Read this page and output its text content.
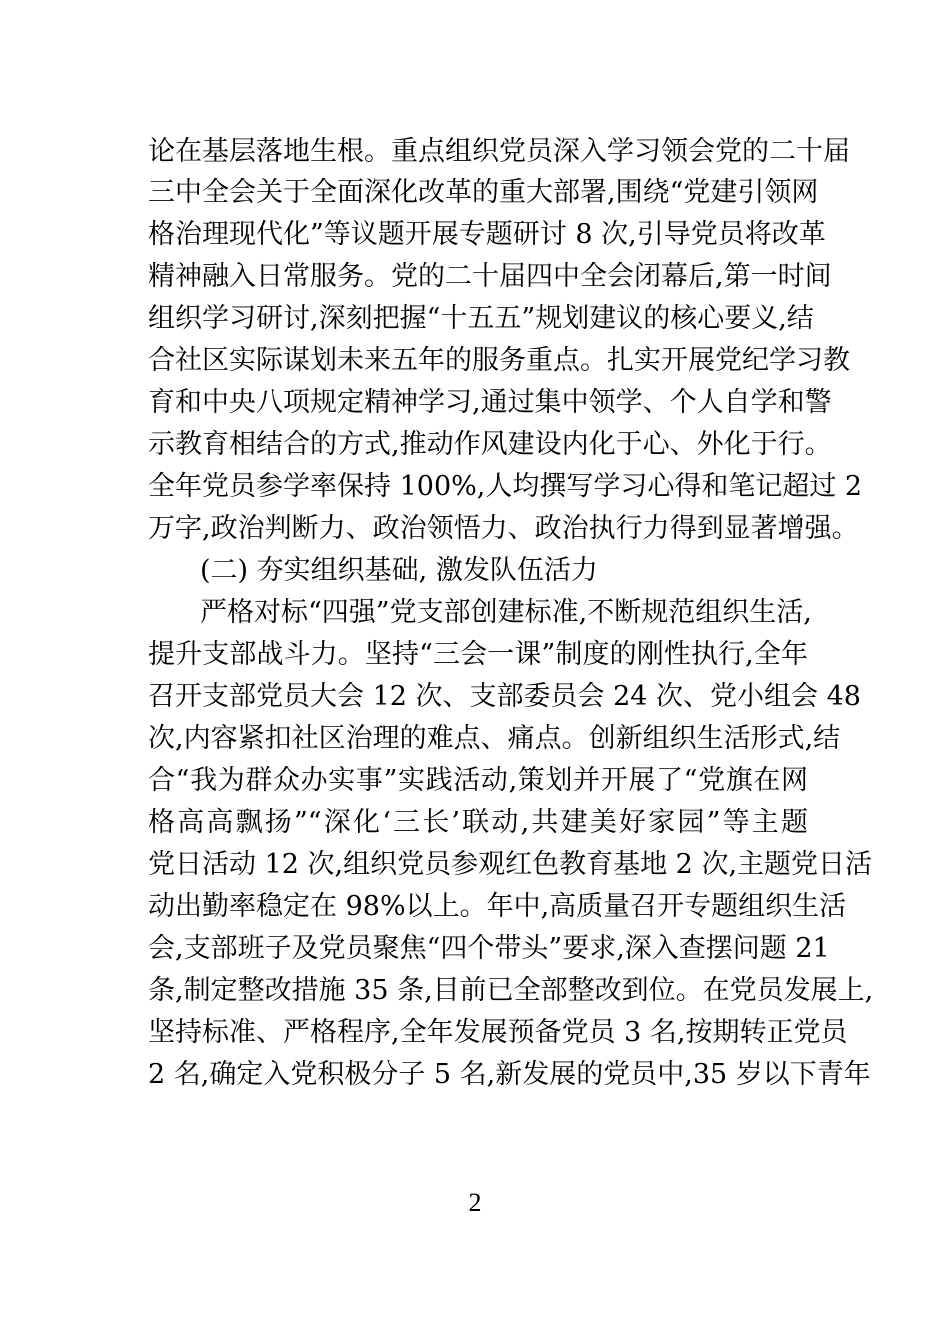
论在基层落地生根。重点组织党员深入学习领会党的二十届
三中全会关于全面深化改革的重大部署,围绕“党建引领网
格治理现代化”等议题开展专题研讨 8 次,引导党员将改革
精神融入日常服务。党的二十届四中全会闭幕后,第一时间
组织学习研讨,深刻把握“十五五”规划建议的核心要义,结
合社区实际谋划未来五年的服务重点。扎实开展党纪学习教
育和中央八项规定精神学习,通过集中领学、个人自学和警
示教育相结合的方式,推动作风建设内化于心、外化于行。
全年党员参学率保持 100%,人均撰写学习心得和笔记超过 2
万字,政治判断力、政治领悟力、政治执行力得到显著增强。
(二) 夯实组织基础, 激发队伍活力
严格对标“四强”党支部创建标准,不断规范组织生活,
提升支部战斗力。坚持“三会一课”制度的刚性执行,全年
召开支部党员大会 12 次、支部委员会 24 次、党小组会 48
次,内容紧扣社区治理的难点、痛点。创新组织生活形式,结
合“我为群众办实事”实践活动,策划并开展了“党旗在网
格高高飘扬”“深化‘三长’联动,共建美好家园”等主题
党日活动 12 次,组织党员参观红色教育基地 2 次,主题党日活
动出勤率稳定在 98%以上。年中,高质量召开专题组织生活
会,支部班子及党员聚焦“四个带头”要求,深入查摆问题 21
条,制定整改措施 35 条,目前已全部整改到位。在党员发展上,
坚持标准、严格程序,全年发展预备党员 3 名,按期转正党员
2 名,确定入党积极分子 5 名,新发展的党员中,35 岁以下青年
2
